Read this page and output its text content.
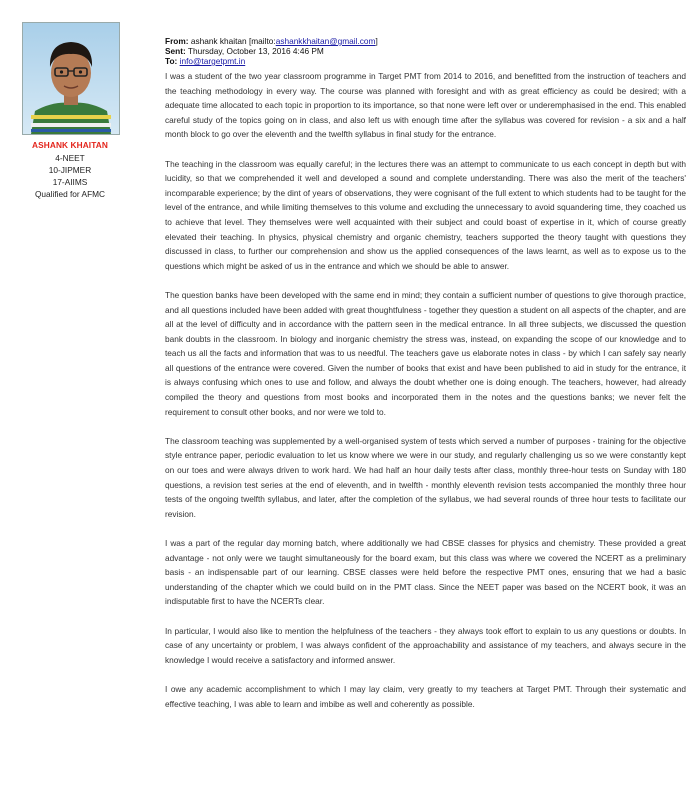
ASHANK KHAITAN
4-NEET
10-JIPMER
17-AIIMS
Qualified for AFMC
From: ashank khaitan [mailto:ashankkhaitan@gmail.com]
Sent: Thursday, October 13, 2016 4:46 PM
To: info@targetpmt.in

I was a student of the two year classroom programme in Target PMT from 2014 to 2016, and benefitted from the instruction of teachers and the teaching methodology in every way. The course was planned with foresight and with as great efficiency as could be desired; with a adequate time allocated to each topic in proportion to its importance, so that none were left over or underemphasised in the end. This enabled careful study of the topics going on in class, and also left us with enough time after the syllabus was covered for revision - a six and a half month block to go over the eleventh and the twelfth syllabus in final study for the entrance.

The teaching in the classroom was equally careful; in the lectures there was an attempt to communicate to us each concept in depth but with lucidity, so that we comprehended it well and developed a sound and complete understanding. There was also the merit of the teachers' incomparable experience; by the dint of years of observations, they were cognisant of the full extent to which students had to be taught for the level of the entrance, and while limiting themselves to this volume and excluding the unnecessary to avoid squandering time, they coached us to achieve that level. They themselves were well acquainted with their subject and could boast of expertise in it, which of course greatly elevated their teaching. In physics, physical chemistry and organic chemistry, teachers supported the theory taught with questions they discussed in class, to further our comprehension and show us the applied consequences of the laws learnt, as well as to expose us to the questions which might be asked of us in the entrance and which we should be able to answer.

The question banks have been developed with the same end in mind; they contain a sufficient number of questions to give thorough practice, and all questions included have been added with great thoughtfulness - together they question a student on all aspects of the chapter, and are all at the level of difficulty and in accordance with the pattern seen in the medical entrance. In all three subjects, we discussed the question bank doubts in the classroom. In biology and inorganic chemistry the stress was, instead, on expanding the scope of our knowledge and to teach us all the facts and information that was to us needful. The teachers gave us elaborate notes in class - by which I can safely say nearly all questions of the entrance were covered. Given the number of books that exist and have been published to aid in study for the entrance, it is always confusing which ones to use and follow, and always the doubt whether one is doing enough. The teachers, however, had already compiled the theory and questions from most books and incorporated them in the notes and the questions banks; we never felt the requirement to consult other books, and nor were we told to.

The classroom teaching was supplemented by a well-organised system of tests which served a number of purposes - training for the objective style entrance paper, periodic evaluation to let us know where we were in our study, and regularly challenging us so we were constantly kept on our toes and were always driven to work hard. We had half an hour daily tests after class, monthly three-hour tests on Sunday with 180 questions, a revision test series at the end of eleventh, and in twelfth - monthly eleventh revision tests accompanied the monthly three hour tests of the ongoing twelfth syllabus, and later, after the completion of the syllabus, we had several rounds of three hour tests to facilitate our revision.

I was a part of the regular day morning batch, where additionally we had CBSE classes for physics and chemistry. These provided a great advantage - not only were we taught simultaneously for the board exam, but this class was where we covered the NCERT as a preliminary basis - an indispensable part of our learning. CBSE classes were held before the respective PMT ones, ensuring that we had a basic understanding of the chapter which we could build on in the PMT class. Since the NEET paper was based on the NCERT book, it was an indisputable first to have the NCERTs clear.

In particular, I would also like to mention the helpfulness of the teachers - they always took effort to explain to us any questions or doubts. In case of any uncertainty or problem, I was always confident of the approachability and assistance of my teachers, and always secure in the knowledge I would receive a satisfactory and informed answer.

I owe any academic accomplishment to which I may lay claim, very greatly to my teachers at Target PMT. Through their systematic and effective teaching, I was able to learn and imbibe as well and coherently as possible.
